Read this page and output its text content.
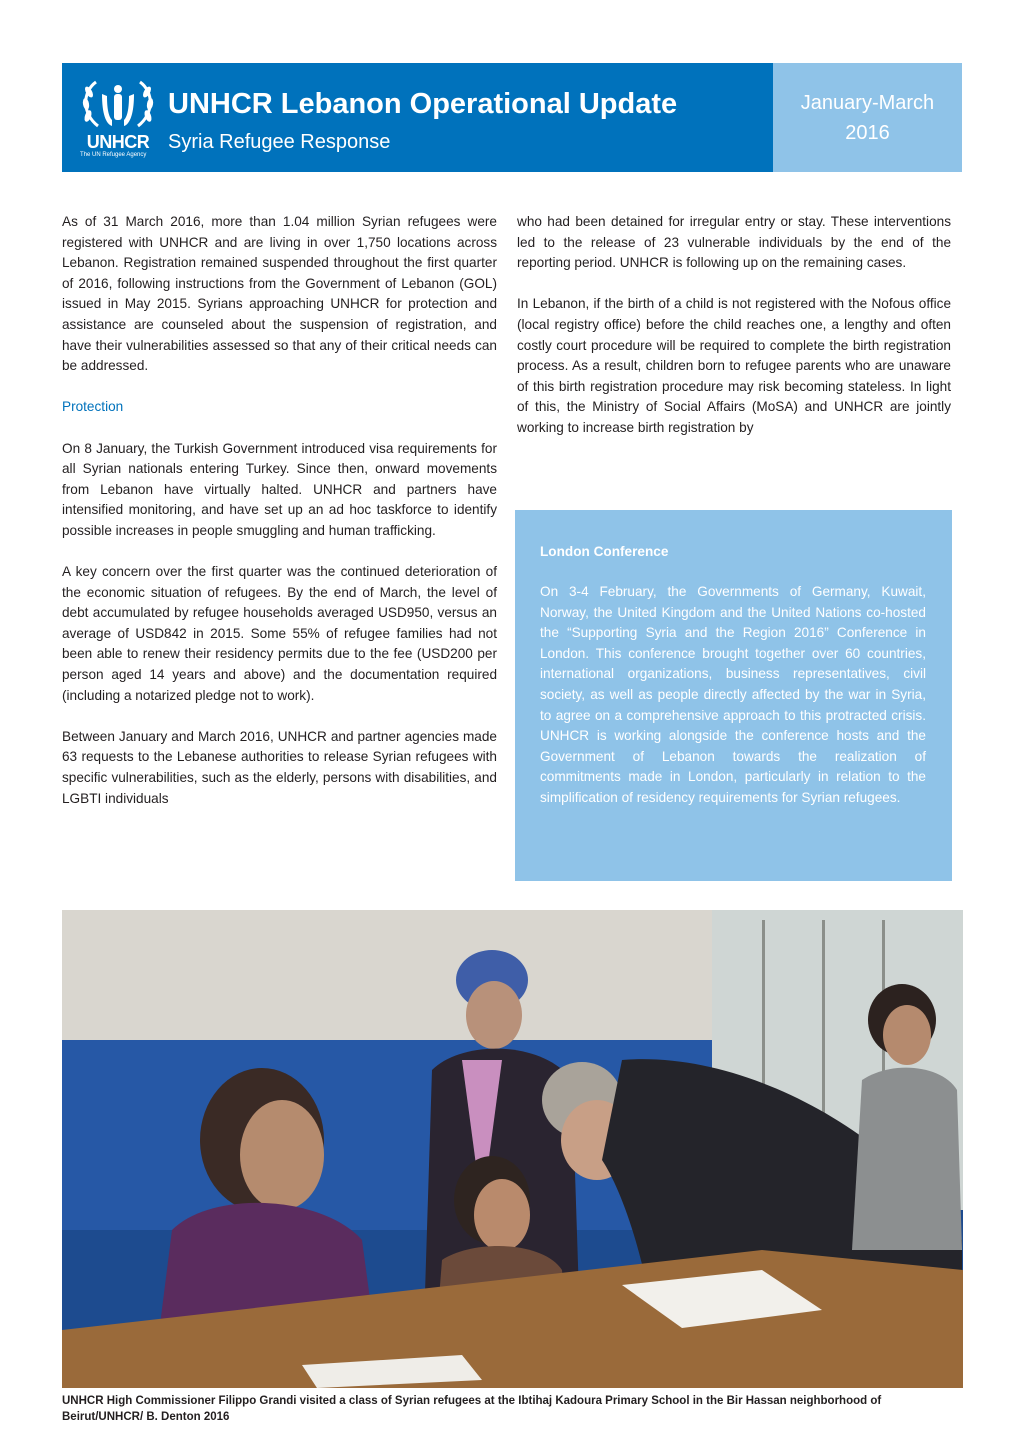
UNHCR
The UN Refugee Agency
UNHCR Lebanon Operational Update
Syria Refugee Response
January-March
2016

As of 31 March 2016, more than 1.04 million Syrian refugees were registered with UNHCR and are living in over 1,750 locations across Lebanon. Registration remained suspended throughout the first quarter of 2016, following instructions from the Government of Lebanon (GOL) issued in May 2015. Syrians approaching UNHCR for protection and assistance are counseled about the suspension of registration, and have their vulnerabilities assessed so that any of their critical needs can be addressed.

Protection

On 8 January, the Turkish Government introduced visa requirements for all Syrian nationals entering Turkey. Since then, onward movements from Lebanon have virtually halted. UNHCR and partners have intensified monitoring, and have set up an ad hoc taskforce to identify possible increases in people smuggling and human trafficking.

A key concern over the first quarter was the continued deterioration of the economic situation of refugees. By the end of March, the level of debt accumulated by refugee households averaged USD950, versus an average of USD842 in 2015. Some 55% of refugee families had not been able to renew their residency permits due to the fee (USD200 per person aged 14 years and above) and the documentation required (including a notarized pledge not to work).

Between January and March 2016, UNHCR and partner agencies made 63 requests to the Lebanese authorities to release Syrian refugees with specific vulnerabilities, such as the elderly, persons with disabilities, and LGBTI individuals

who had been detained for irregular entry or stay. These interventions led to the release of 23 vulnerable individuals by the end of the reporting period. UNHCR is following up on the remaining cases.

In Lebanon, if the birth of a child is not registered with the Nofous office (local registry office) before the child reaches one, a lengthy and often costly court procedure will be required to complete the birth registration process. As a result, children born to refugee parents who are unaware of this birth registration procedure may risk becoming stateless. In light of this, the Ministry of Social Affairs (MoSA) and UNHCR are jointly working to increase birth registration by

London Conference
On 3-4 February, the Governments of Germany, Kuwait, Norway, the United Kingdom and the United Nations co-hosted the “Supporting Syria and the Region 2016” Conference in London. This conference brought together over 60 countries, international organizations, business representatives, civil society, as well as people directly affected by the war in Syria, to agree on a comprehensive approach to this protracted crisis. UNHCR is working alongside the conference hosts and the Government of Lebanon towards the realization of commitments made in London, particularly in relation to the simplification of residency requirements for Syrian refugees.
UNHCR High Commissioner Filippo Grandi visited a class of Syrian refugees at the Ibtihaj Kadoura Primary School in the Bir Hassan neighborhood of Beirut/UNHCR/ B. Denton 2016
